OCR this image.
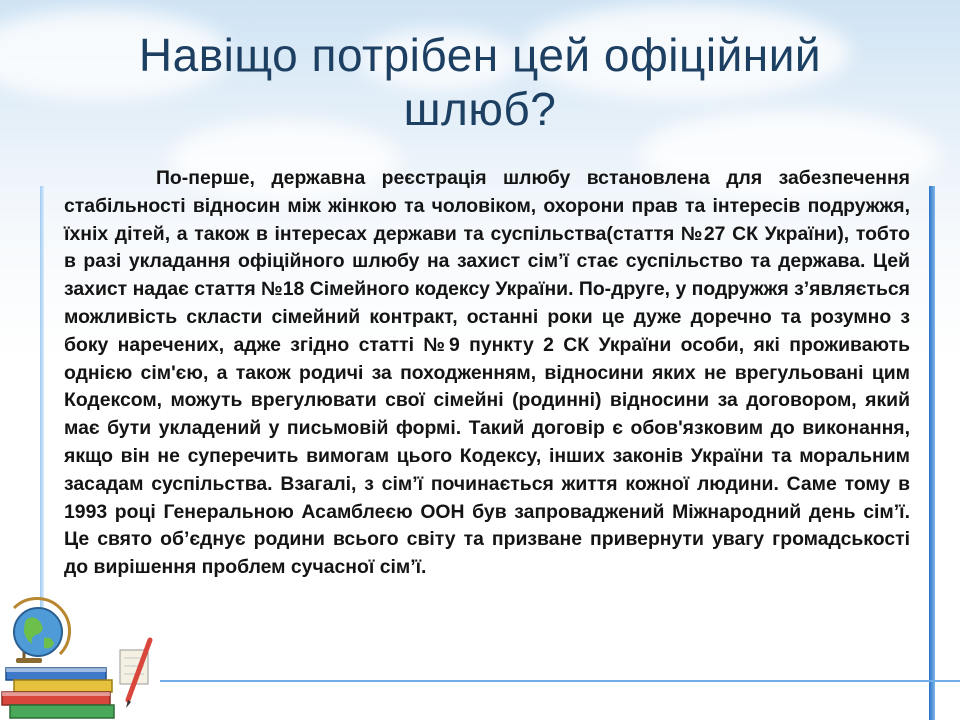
Навіщо потрібен цей офіційний шлюб?

По-перше, державна реєстрація шлюбу встановлена для забезпечення стабільності відносин між жінкою та чоловіком, охорони прав та інтересів подружжя, їхніх дітей, а також в інтересах держави та суспільства(стаття №27 СК України), тобто в разі укладання офіційного шлюбу на захист сім’ї стає суспільство та держава. Цей захист надає стаття №18 Сімейного кодексу України. По-друге, у подружжя з’являється можливість скласти сімейний контракт, останні роки це дуже доречно та розумно з боку наречених, адже згідно статті №9 пункту 2 СК України особи, які проживають однією сім'єю, а також родичі за походженням, відносини яких не врегульовані цим Кодексом, можуть врегулювати свої сімейні (родинні) відносини за договором, який має бути укладений у письмовій формі. Такий договір є обов'язковим до виконання, якщо він не суперечить вимогам цього Кодексу, інших законів України та моральним засадам суспільства. Взагалі, з сім’ї починається життя кожної людини. Саме тому в 1993 році Генеральною Асамблеєю ООН був запроваджений Міжнародний день сім’ї. Це свято об’єднує родини всього світу та призване привернути увагу громадськості до вирішення проблем сучасної сім’ї.
